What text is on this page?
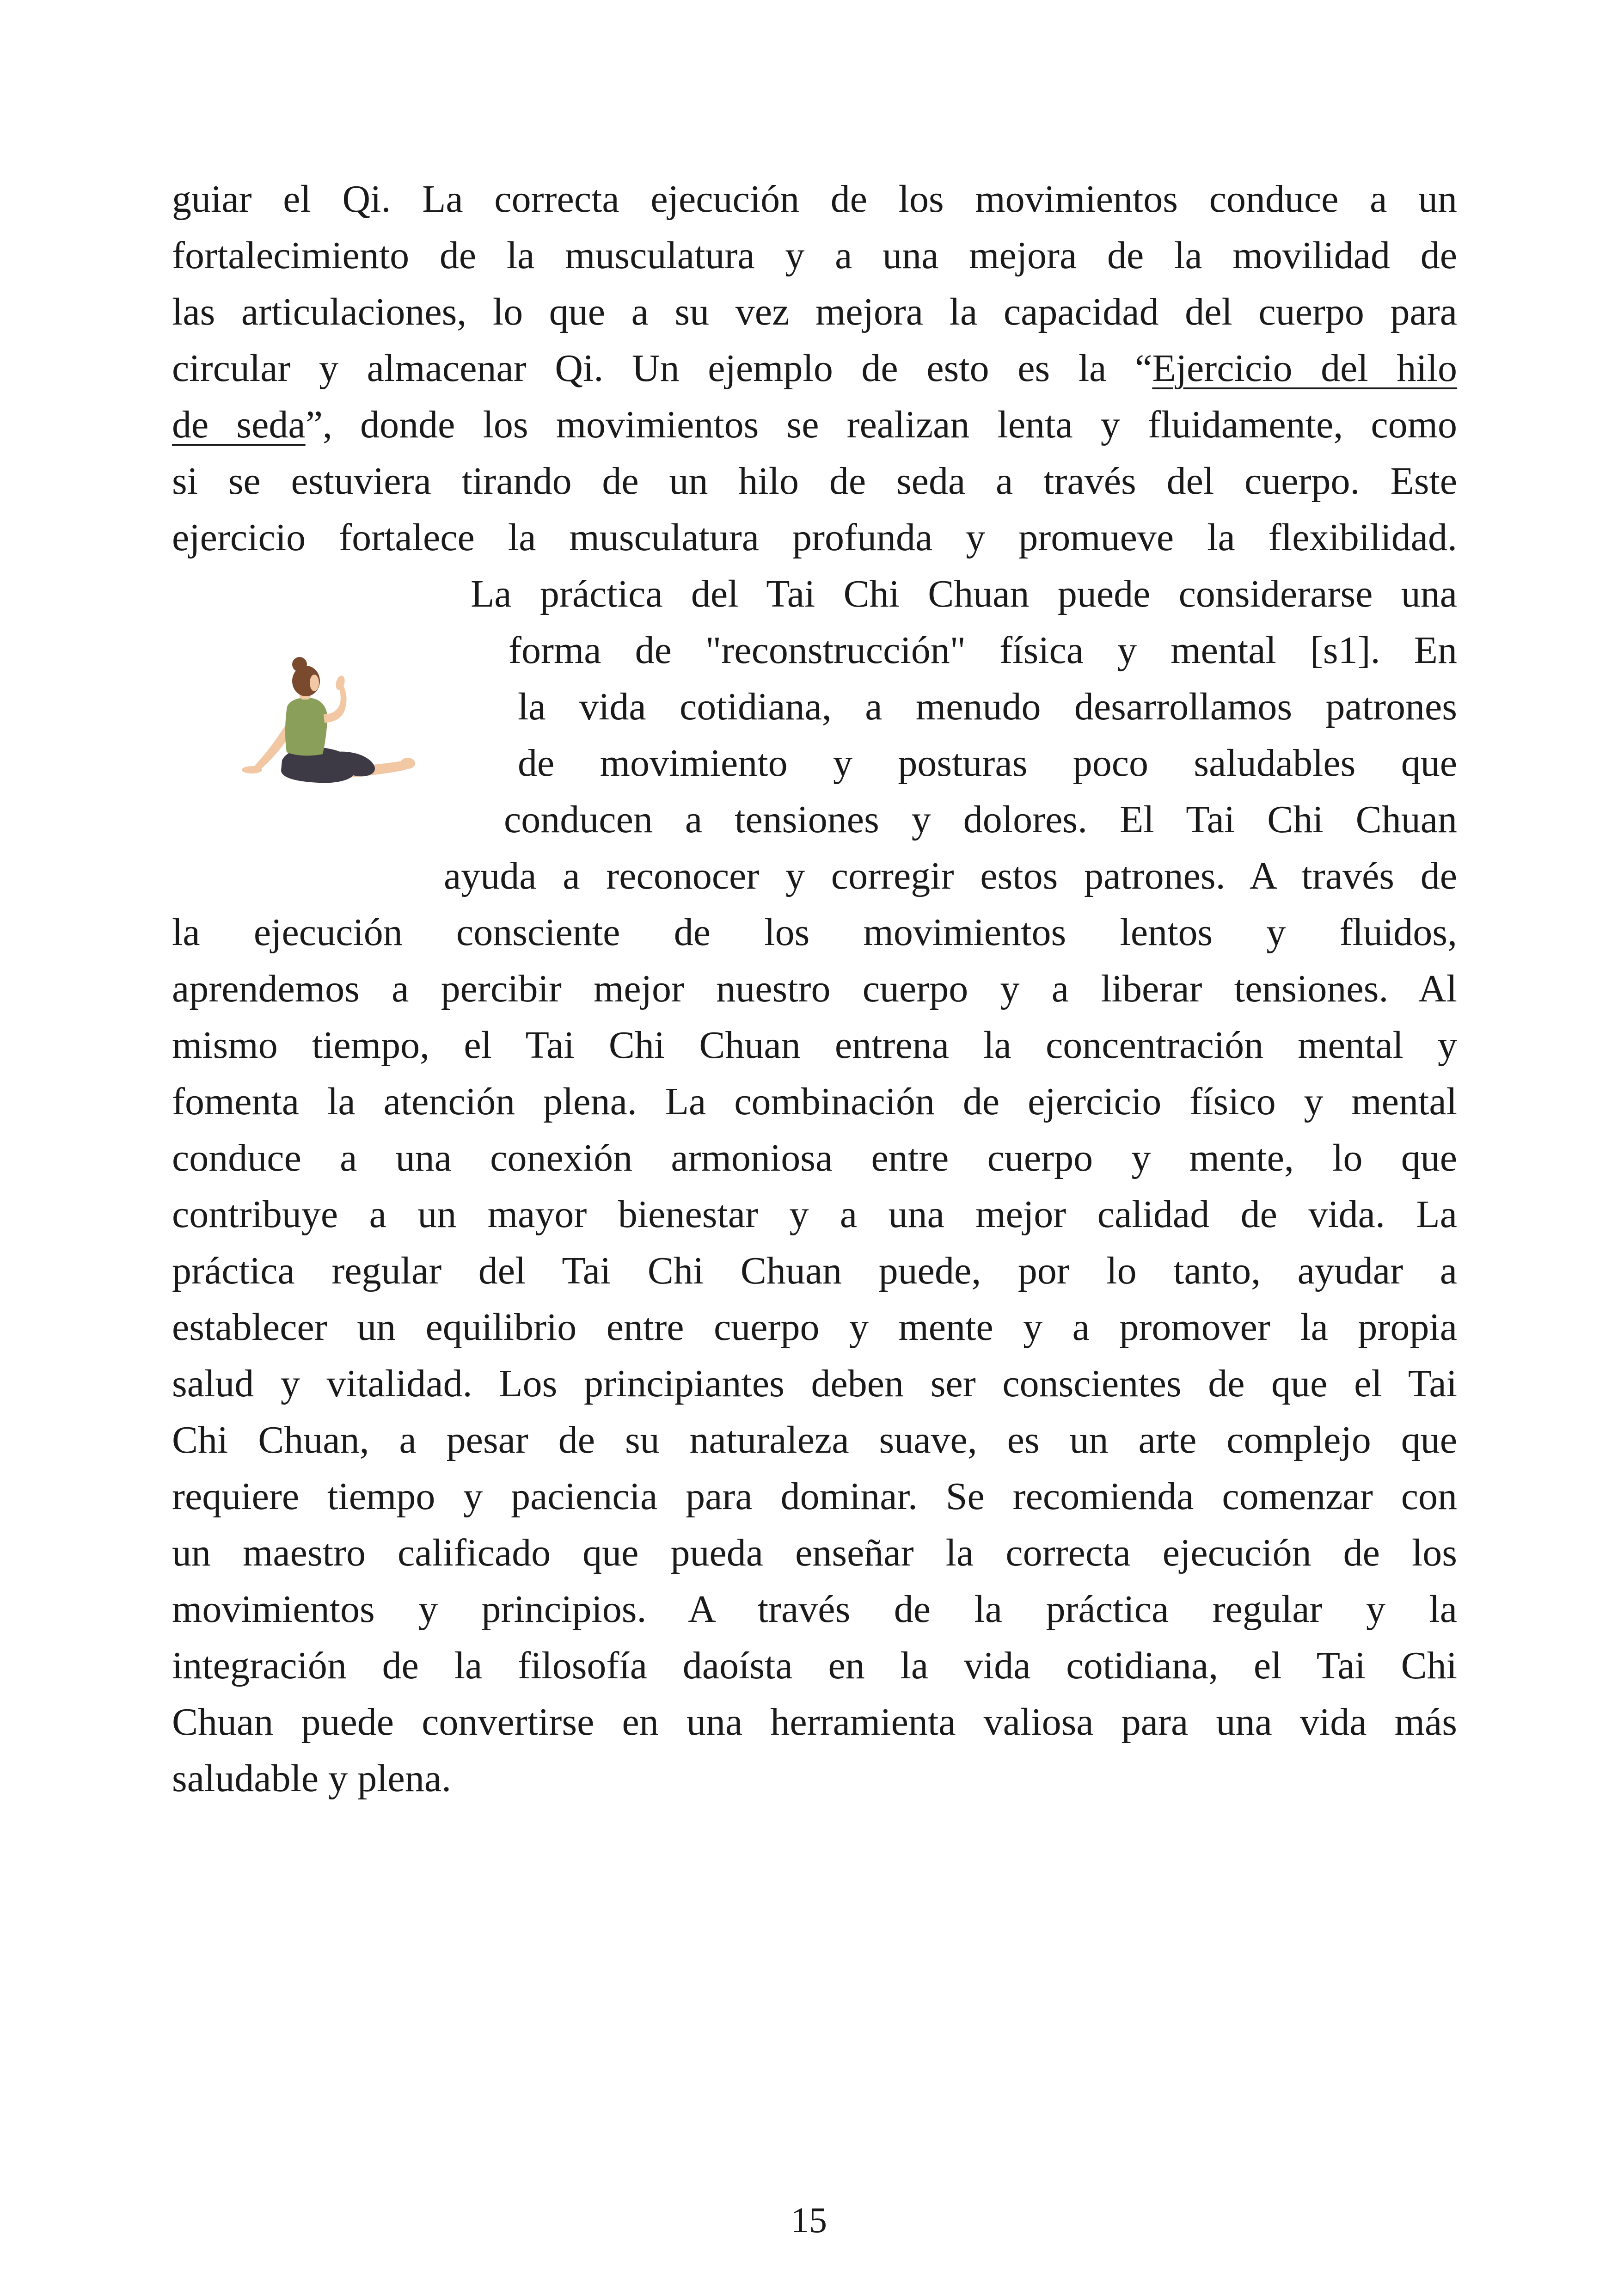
guiar el Qi. La correcta ejecución de los movimientos conduce a un
fortalecimiento de la musculatura y a una mejora de la movilidad de
las articulaciones, lo que a su vez mejora la capacidad del cuerpo para
circular y almacenar Qi. Un ejemplo de esto es la “Ejercicio del hilo
de seda”, donde los movimientos se realizan lenta y fluidamente, como
si se estuviera tirando de un hilo de seda a través del cuerpo. Este
ejercicio fortalece la musculatura profunda y promueve la flexibilidad.
La práctica del Tai Chi Chuan puede considerarse una
forma de "reconstrucción" física y mental [s1]. En
la vida cotidiana, a menudo desarrollamos patrones
de movimiento y posturas poco saludables que
conducen a tensiones y dolores. El Tai Chi Chuan
ayuda a reconocer y corregir estos patrones. A través de
la ejecución consciente de los movimientos lentos y fluidos,
aprendemos a percibir mejor nuestro cuerpo y a liberar tensiones. Al
mismo tiempo, el Tai Chi Chuan entrena la concentración mental y
fomenta la atención plena. La combinación de ejercicio físico y mental
conduce a una conexión armoniosa entre cuerpo y mente, lo que
contribuye a un mayor bienestar y a una mejor calidad de vida. La
práctica regular del Tai Chi Chuan puede, por lo tanto, ayudar a
establecer un equilibrio entre cuerpo y mente y a promover la propia
salud y vitalidad. Los principiantes deben ser conscientes de que el Tai
Chi Chuan, a pesar de su naturaleza suave, es un arte complejo que
requiere tiempo y paciencia para dominar. Se recomienda comenzar con
un maestro calificado que pueda enseñar la correcta ejecución de los
movimientos y principios. A través de la práctica regular y la
integración de la filosofía daoísta en la vida cotidiana, el Tai Chi
Chuan puede convertirse en una herramienta valiosa para una vida más
saludable y plena.
15
